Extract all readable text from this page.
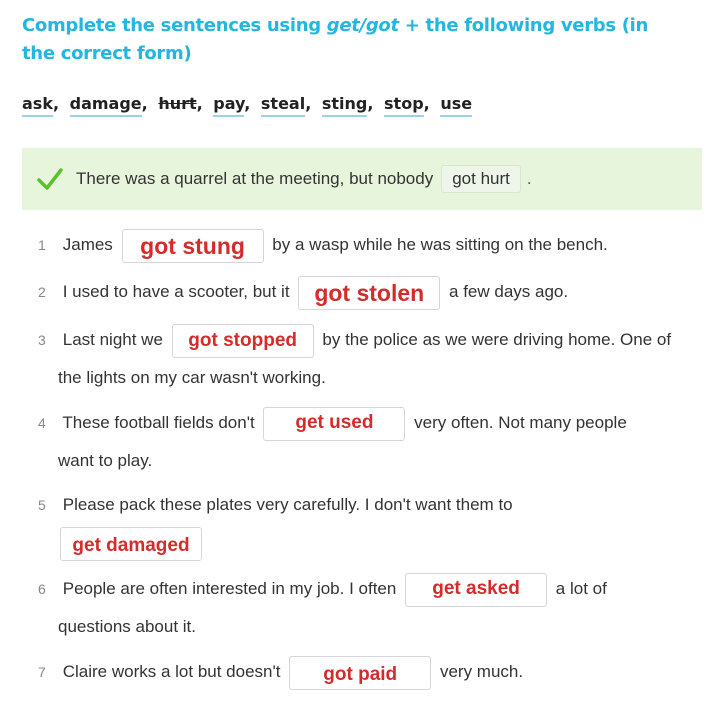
Complete the sentences using get/got + the following verbs (in the correct form)
ask, damage, hurt, pay, steal, sting, stop, use
There was a quarrel at the meeting, but nobody	got hurt	.
1 James got stung by a wasp while he was sitting on the bench.
2 I used to have a scooter, but it got stolen a few days ago.
3 Last night we got stopped by the police as we were driving home. One of
the lights on my car wasn't working.
4 These football fields don't get used very often. Not many people
want to play.
5 Please pack these plates very carefully. I don't want them to
get damaged
6 People are often interested in my job. I often get asked a lot of
questions about it.
7 Claire works a lot but doesn't got paid	very much.
